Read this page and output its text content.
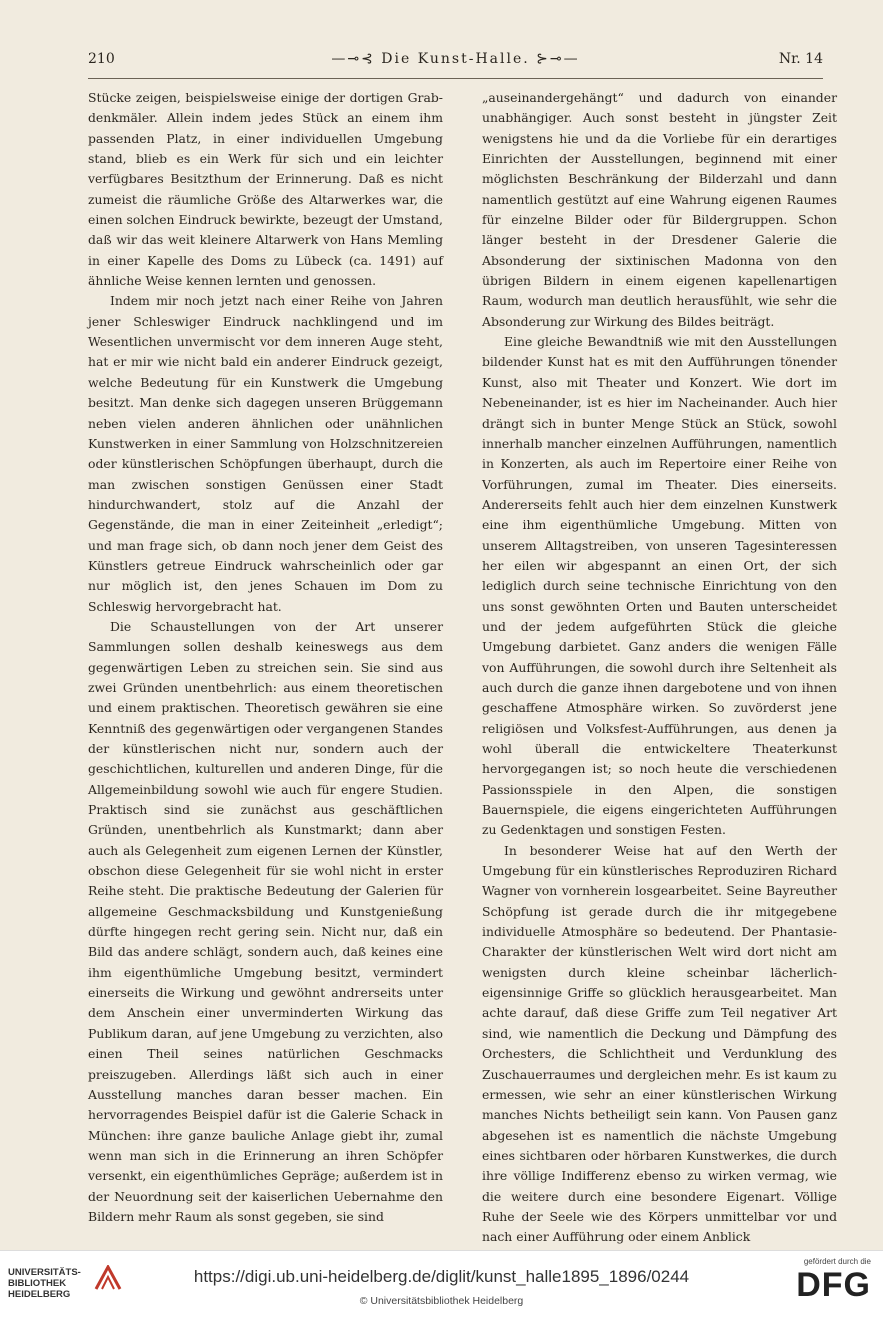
210	—⊸⊰ Die Kunst-Halle. ⊱⊸—	Nr. 14

Stücke zeigen, beispielsweise einige der dortigen Grab-denkmäler. Allein indem jedes Stück an einem ihm passenden Platz, in einer individuellen Umgebung stand, blieb es ein Werk für sich und ein leichter verfügbares Besitzthum der Erinnerung. Daß es nicht zumeist die räumliche Größe des Altarwerkes war, die einen solchen Eindruck bewirkte, bezeugt der Umstand, daß wir das weit kleinere Altarwerk von Hans Memling in einer Kapelle des Doms zu Lübeck (ca. 1491) auf ähnliche Weise kennen lernten und genossen.

Indem mir noch jetzt nach einer Reihe von Jahren jener Schleswiger Eindruck nachklingend und im Wesentlichen unvermischt vor dem inneren Auge steht, hat er mir wie nicht bald ein anderer Eindruck gezeigt, welche Bedeutung für ein Kunstwerk die Umgebung besitzt. Man denke sich dagegen unseren Brüggemann neben vielen anderen ähnlichen oder unähnlichen Kunstwerken in einer Sammlung von Holzschnitzereien oder künstlerischen Schöpfungen überhaupt, durch die man zwischen sonstigen Genüssen einer Stadt hindurchwandert, stolz auf die Anzahl der Gegenstände, die man in einer Zeiteinheit „erledigt“; und man frage sich, ob dann noch jener dem Geist des Künstlers getreue Eindruck wahrscheinlich oder gar nur möglich ist, den jenes Schauen im Dom zu Schleswig hervorgebracht hat.

Die Schaustellungen von der Art unserer Sammlungen sollen deshalb keineswegs aus dem gegenwärtigen Leben zu streichen sein. Sie sind aus zwei Gründen unentbehrlich: aus einem theoretischen und einem praktischen. Theoretisch gewähren sie eine Kenntniß des gegenwärtigen oder vergangenen Standes der künstlerischen nicht nur, sondern auch der geschichtlichen, kulturellen und anderen Dinge, für die Allgemeinbildung sowohl wie auch für engere Studien. Praktisch sind sie zunächst aus geschäftlichen Gründen, unentbehrlich als Kunstmarkt; dann aber auch als Gelegenheit zum eigenen Lernen der Künstler, obschon diese Gelegenheit für sie wohl nicht in erster Reihe steht. Die praktische Bedeutung der Galerien für allgemeine Geschmacksbildung und Kunstgenießung dürfte hingegen recht gering sein. Nicht nur, daß ein Bild das andere schlägt, sondern auch, daß keines eine ihm eigenthümliche Umgebung besitzt, vermindert einerseits die Wirkung und gewöhnt andrerseits unter dem Anschein einer unverminderten Wirkung das Publikum daran, auf jene Umgebung zu verzichten, also einen Theil seines natürlichen Geschmacks preiszugeben. Allerdings läßt sich auch in einer Ausstellung manches daran besser machen. Ein hervorragendes Beispiel dafür ist die Galerie Schack in München: ihre ganze bauliche Anlage giebt ihr, zumal wenn man sich in die Erinnerung an ihren Schöpfer versenkt, ein eigenthümliches Gepräge; außerdem ist in der Neuordnung seit der kaiserlichen Uebernahme den Bildern mehr Raum als sonst gegeben, sie sind

„auseinandergehängt“ und dadurch von einander unabhängiger. Auch sonst besteht in jüngster Zeit wenigstens hie und da die Vorliebe für ein derartiges Einrichten der Ausstellungen, beginnend mit einer möglichsten Beschränkung der Bilderzahl und dann namentlich gestützt auf eine Wahrung eigenen Raumes für einzelne Bilder oder für Bildergruppen. Schon länger besteht in der Dresdener Galerie die Absonderung der sixtinischen Madonna von den übrigen Bildern in einem eigenen kapellenartigen Raum, wodurch man deutlich herausfühlt, wie sehr die Absonderung zur Wirkung des Bildes beiträgt.

Eine gleiche Bewandtniß wie mit den Ausstellungen bildender Kunst hat es mit den Aufführungen tönender Kunst, also mit Theater und Konzert. Wie dort im Nebeneinander, ist es hier im Nacheinander. Auch hier drängt sich in bunter Menge Stück an Stück, sowohl innerhalb mancher einzelnen Aufführungen, namentlich in Konzerten, als auch im Repertoire einer Reihe von Vorführungen, zumal im Theater. Dies einerseits. Andererseits fehlt auch hier dem einzelnen Kunstwerk eine ihm eigenthümliche Umgebung. Mitten von unserem Alltagstreiben, von unseren Tagesinteressen her eilen wir abgespannt an einen Ort, der sich lediglich durch seine technische Einrichtung von den uns sonst gewöhnten Orten und Bauten unterscheidet und der jedem aufgeführten Stück die gleiche Umgebung darbietet. Ganz anders die wenigen Fälle von Aufführungen, die sowohl durch ihre Seltenheit als auch durch die ganze ihnen dargebotene und von ihnen geschaffene Atmosphäre wirken. So zuvörderst jene religiösen und Volksfest-Aufführungen, aus denen ja wohl überall die entwickeltere Theaterkunst hervorgegangen ist; so noch heute die verschiedenen Passionsspiele in den Alpen, die sonstigen Bauernspiele, die eigens eingerichteten Aufführungen zu Gedenktagen und sonstigen Festen.

In besonderer Weise hat auf den Werth der Umgebung für ein künstlerisches Reproduziren Richard Wagner von vornherein losgearbeitet. Seine Bayreuther Schöpfung ist gerade durch die ihr mitgegebene individuelle Atmosphäre so bedeutend. Der Phantasie-Charakter der künstlerischen Welt wird dort nicht am wenigsten durch kleine scheinbar lächerlich-eigensinnige Griffe so glücklich herausgearbeitet. Man achte darauf, daß diese Griffe zum Teil negativer Art sind, wie namentlich die Deckung und Dämpfung des Orchesters, die Schlichtheit und Verdunklung des Zuschauerraumes und dergleichen mehr. Es ist kaum zu ermessen, wie sehr an einer künstlerischen Wirkung manches Nichts betheiligt sein kann. Von Pausen ganz abgesehen ist es namentlich die nächste Umgebung eines sichtbaren oder hörbaren Kunstwerkes, die durch ihre völlige Indifferenz ebenso zu wirken vermag, wie die weitere durch eine besondere Eigenart. Völlige Ruhe der Seele wie des Körpers unmittelbar vor und nach einer Aufführung oder einem Anblick

UNIVERSITÄTS-
BIBLIOTHEK
HEIDELBERG
https://digi.ub.uni-heidelberg.de/diglit/kunst_halle1895_1896/0244
© Universitätsbibliothek Heidelberg
gefördert durch die
DFG
